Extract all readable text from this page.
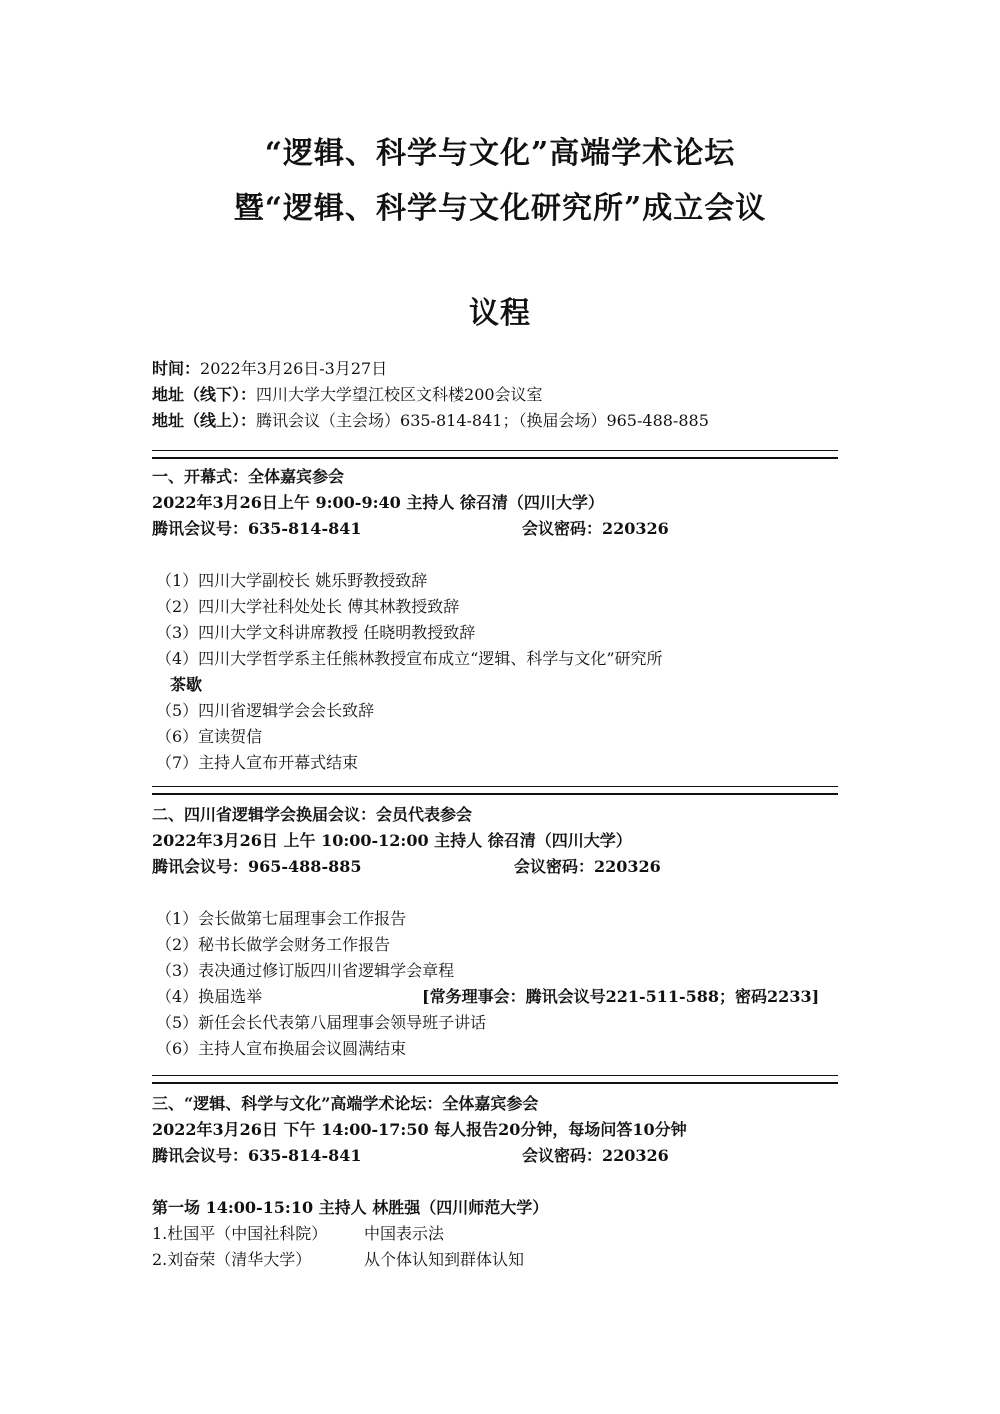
“逻辑、科学与文化”高端学术论坛
暨“逻辑、科学与文化研究所”成立会议
议程
时间：2022年3月26日-3月27日
地址（线下）：四川大学大学望江校区文科楼200会议室
地址（线上）：腾讯会议（主会场）635-814-841；（换届会场）965-488-885
一、开幕式：全体嘉宾参会
2022年3月26日上午 9:00-9:40 主持人 徐召清（四川大学）
腾讯会议号：635-814-841	会议密码：220326
（1）四川大学副校长 姚乐野教授致辞
（2）四川大学社科处处长 傅其林教授致辞
（3）四川大学文科讲席教授 任晓明教授致辞
（4）四川大学哲学系主任熊林教授宣布成立“逻辑、科学与文化”研究所
茶歇
（5）四川省逻辑学会会长致辞
（6）宣读贺信
（7）主持人宣布开幕式结束
二、四川省逻辑学会换届会议：会员代表参会
2022年3月26日 上午 10:00-12:00 主持人 徐召清（四川大学）
腾讯会议号：965-488-885	会议密码：220326
（1）会长做第七届理事会工作报告
（2）秘书长做学会财务工作报告
（3）表决通过修订版四川省逻辑学会章程
（4）换届选举	[常务理事会：腾讯会议号221-511-588；密码2233]
（5）新任会长代表第八届理事会领导班子讲话
（6）主持人宣布换届会议圆满结束
三、“逻辑、科学与文化”高端学术论坛：全体嘉宾参会
2022年3月26日 下午 14:00-17:50 每人报告20分钟，每场问答10分钟
腾讯会议号：635-814-841	会议密码：220326
第一场 14:00-15:10 主持人 林胜强（四川师范大学）
1.杜国平（中国社科院） 中国表示法
2.刘奋荣（清华大学）	从个体认知到群体认知
